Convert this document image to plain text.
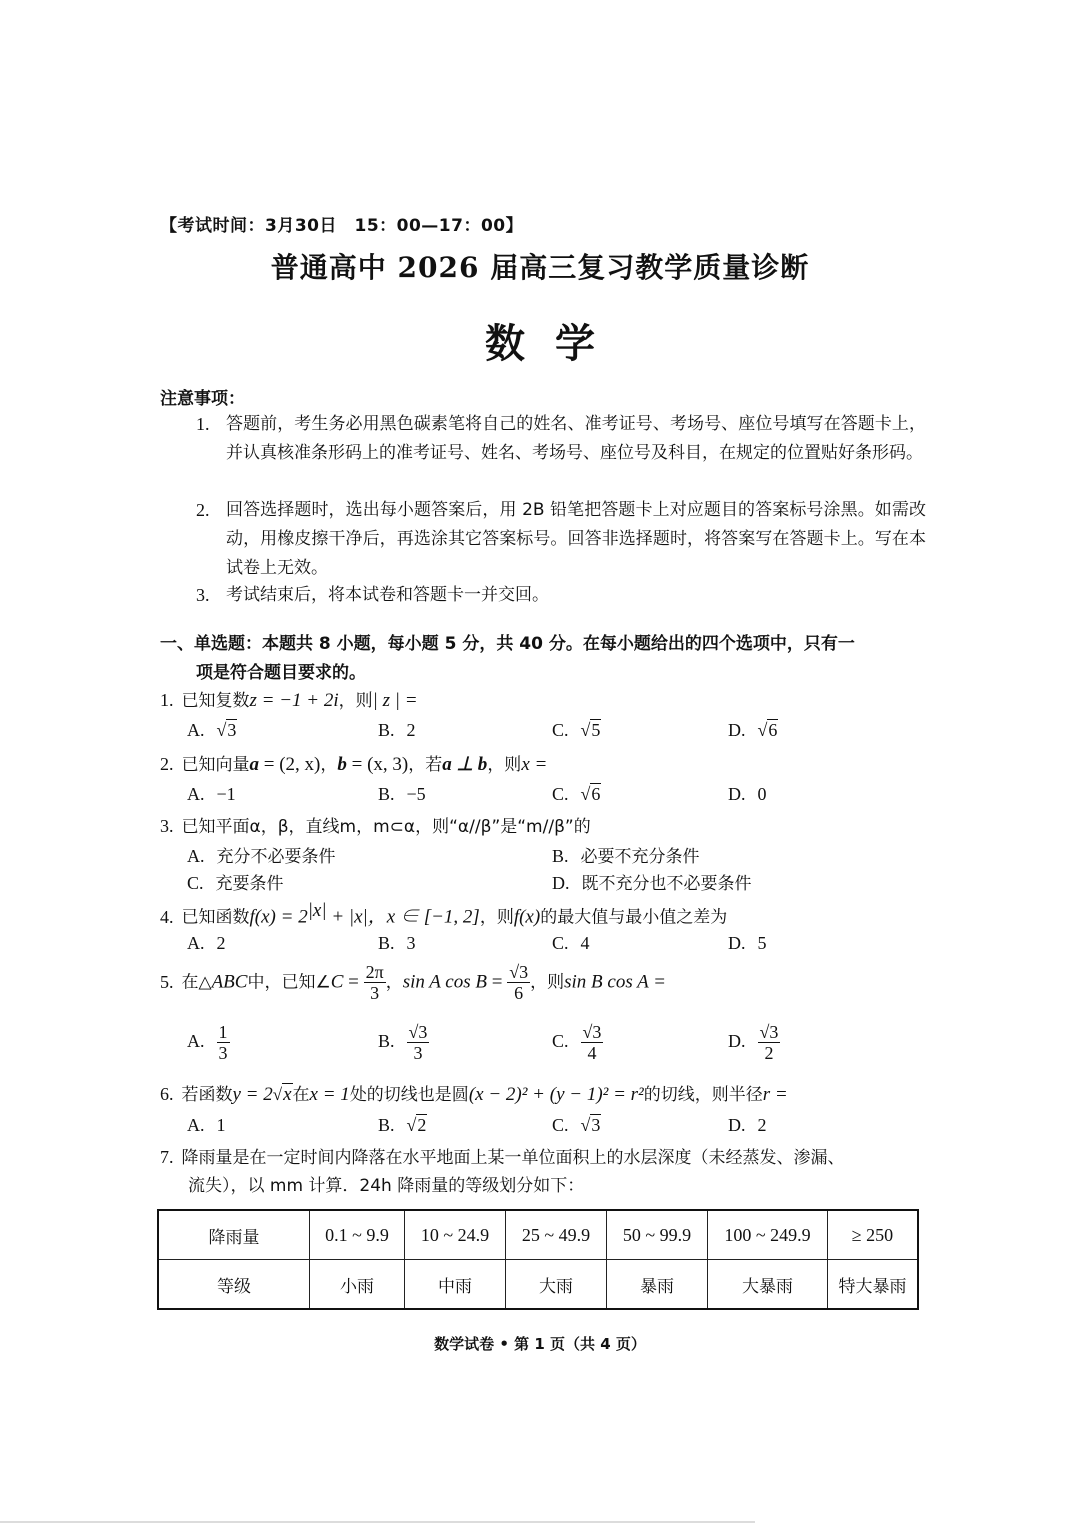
【考试时间：3月30日　15：00—17：00】
普通高中 2026 届高三复习教学质量诊断
数学
注意事项：
1. 答题前，考生务必用黑色碳素笔将自己的姓名、准考证号、考场号、座位号填写在答题卡上，并认真核准条形码上的准考证号、姓名、考场号、座位号及科目，在规定的位置贴好条形码。
2. 回答选择题时，选出每小题答案后，用 2B 铅笔把答题卡上对应题目的答案标号涂黑。如需改动，用橡皮擦干净后，再选涂其它答案标号。回答非选择题时，将答案写在答题卡上。写在本试卷上无效。
3. 考试结束后，将本试卷和答题卡一并交回。
一、单选题：本题共 8 小题，每小题 5 分，共 40 分。在每小题给出的四个选项中，只有一
项是符合题目要求的。
1. 已知复数z = −1 + 2i，则| z | =
A. √3	B. 2	C. √5	D. √6
2. 已知向量a = (2, x)，b = (x, 3)，若a ⊥ b，则x =
A. −1	B. −5	C. √6	D. 0
3. 已知平面α，β，直线m，m⊂α，则“α//β”是“m//β”的
A. 充分不必要条件	B. 必要不充分条件
C. 充要条件	D. 既不充分也不必要条件
4. 已知函数$f(x) = 2^{|x|} + |x|$，x ∈ [−1, 2]，则f(x)的最大值与最小值之差为
A. 2	B. 3	C. 4	D. 5
5. 在△ABC中，已知∠C = $\frac{2\pi}{3}$ ，sin A $\cos B = \frac{√3}{6}$ ，则sin B cos A =
A. $\frac{1}{3}$	B. $\frac{√3}{3}$	C. $\frac{√3}{4}$	D. $\frac{√3}{2}$
6. 若函数y = 2√x在x = 1处的切线也是圆(x − 2)² + (y − 1)² = r²的切线，则半径r =
A. 1	B. √2	C. √3	D. 2
7. 降雨量是在一定时间内降落在水平地面上某一单位面积上的水层深度（未经蒸发、渗漏、
流失），以 mm 计算．24h 降雨量的等级划分如下：
降雨量	0.1 ~ 9.9	10 ~ 24.9	25 ~ 49.9	50 ~ 99.9	100 ~ 249.9	≥ 250
等级	小雨	中雨	大雨	暴雨	大暴雨	特大暴雨
数学试卷 • 第 1 页（共 4 页）
